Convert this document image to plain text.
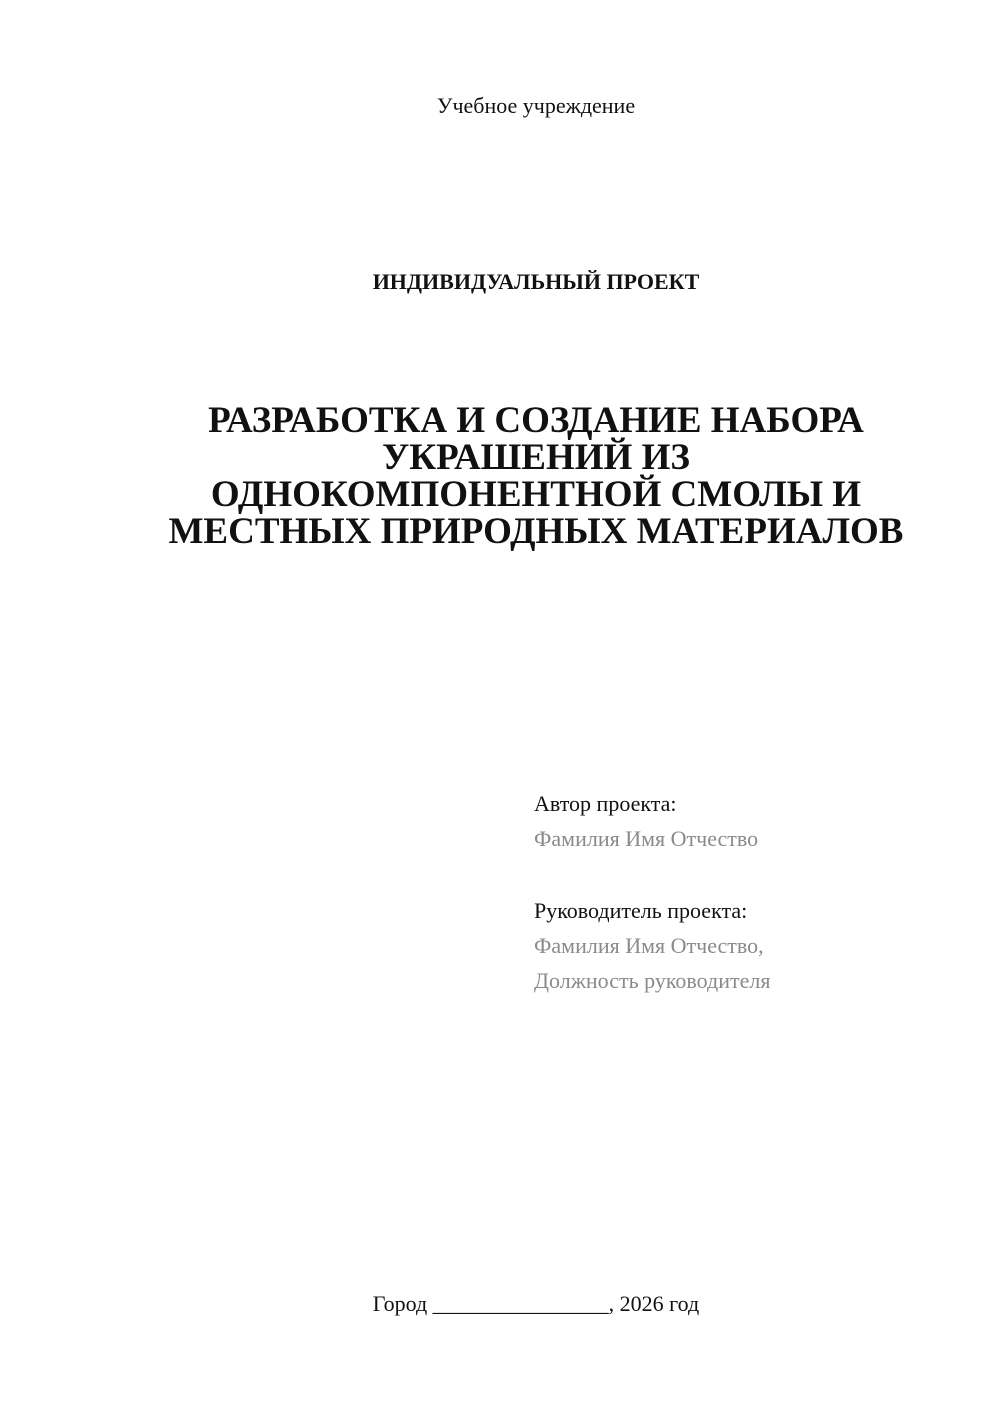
Учебное учреждение
ИНДИВИДУАЛЬНЫЙ ПРОЕКТ
РАЗРАБОТКА И СОЗДАНИЕ НАБОРА
УКРАШЕНИЙ ИЗ
ОДНОКОМПОНЕНТНОЙ СМОЛЫ И
МЕСТНЫХ ПРИРОДНЫХ МАТЕРИАЛОВ
Автор проекта:
Фамилия Имя Отчество
Руководитель проекта:
Фамилия Имя Отчество,
Должность руководителя
Город ________________, 2026 год
